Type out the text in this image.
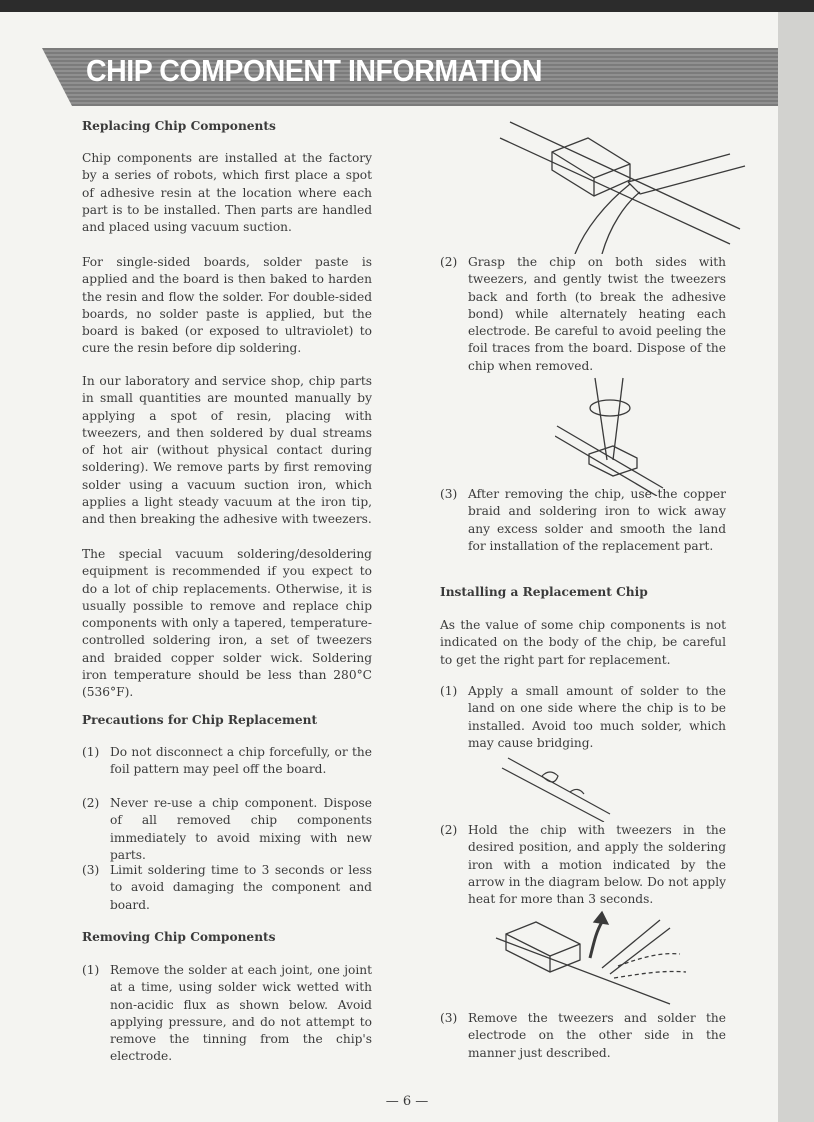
CHIP COMPONENT INFORMATION
Replacing Chip Components

Chip components are installed at the factory by a series of robots, which first place a spot of adhesive resin at the location where each part is to be installed. Then parts are handled and placed using vacuum suction.

For single-sided boards, solder paste is applied and the board is then baked to harden the resin and flow the solder. For double-sided boards, no solder paste is applied, but the board is baked (or exposed to ultraviolet) to cure the resin before dip soldering.

In our laboratory and service shop, chip parts in small quantities are mounted manually by applying a spot of resin, placing with tweezers, and then soldered by dual streams of hot air (without physical contact during soldering). We remove parts by first removing solder using a vacuum suction iron, which applies a light steady vacuum at the iron tip, and then breaking the adhesive with tweezers.

The special vacuum soldering/desoldering equipment is recommended if you expect to do a lot of chip replacements. Otherwise, it is usually possible to remove and replace chip components with only a tapered, temperature-controlled soldering iron, a set of tweezers and braided copper solder wick. Soldering iron temperature should be less than 280°C (536°F).

Precautions for Chip Replacement
(1) Do not disconnect a chip forcefully, or the foil pattern may peel off the board.
(2) Never re-use a chip component. Dispose of all removed chip components immediately to avoid mixing with new parts.
(3) Limit soldering time to 3 seconds or less to avoid damaging the component and board.
Removing Chip Components
(1) Remove the solder at each joint, one joint at a time, using solder wick wetted with non-acidic flux as shown below. Avoid applying pressure, and do not attempt to remove the tinning from the chip's electrode.
(2) Grasp the chip on both sides with tweezers, and gently twist the tweezers back and forth (to break the adhesive bond) while alternately heating each electrode. Be careful to avoid peeling the foil traces from the board. Dispose of the chip when removed.
(3) After removing the chip, use the copper braid and soldering iron to wick away any excess solder and smooth the land for installation of the replacement part.
Installing a Replacement Chip

As the value of some chip components is not indicated on the body of the chip, be careful to get the right part for replacement.

(1) Apply a small amount of solder to the land on one side where the chip is to be installed. Avoid too much solder, which may cause bridging.
(2) Hold the chip with tweezers in the desired position, and apply the soldering iron with a motion indicated by the arrow in the diagram below. Do not apply heat for more than 3 seconds.
(3) Remove the tweezers and solder the electrode on the other side in the manner just described.
— 6 —
